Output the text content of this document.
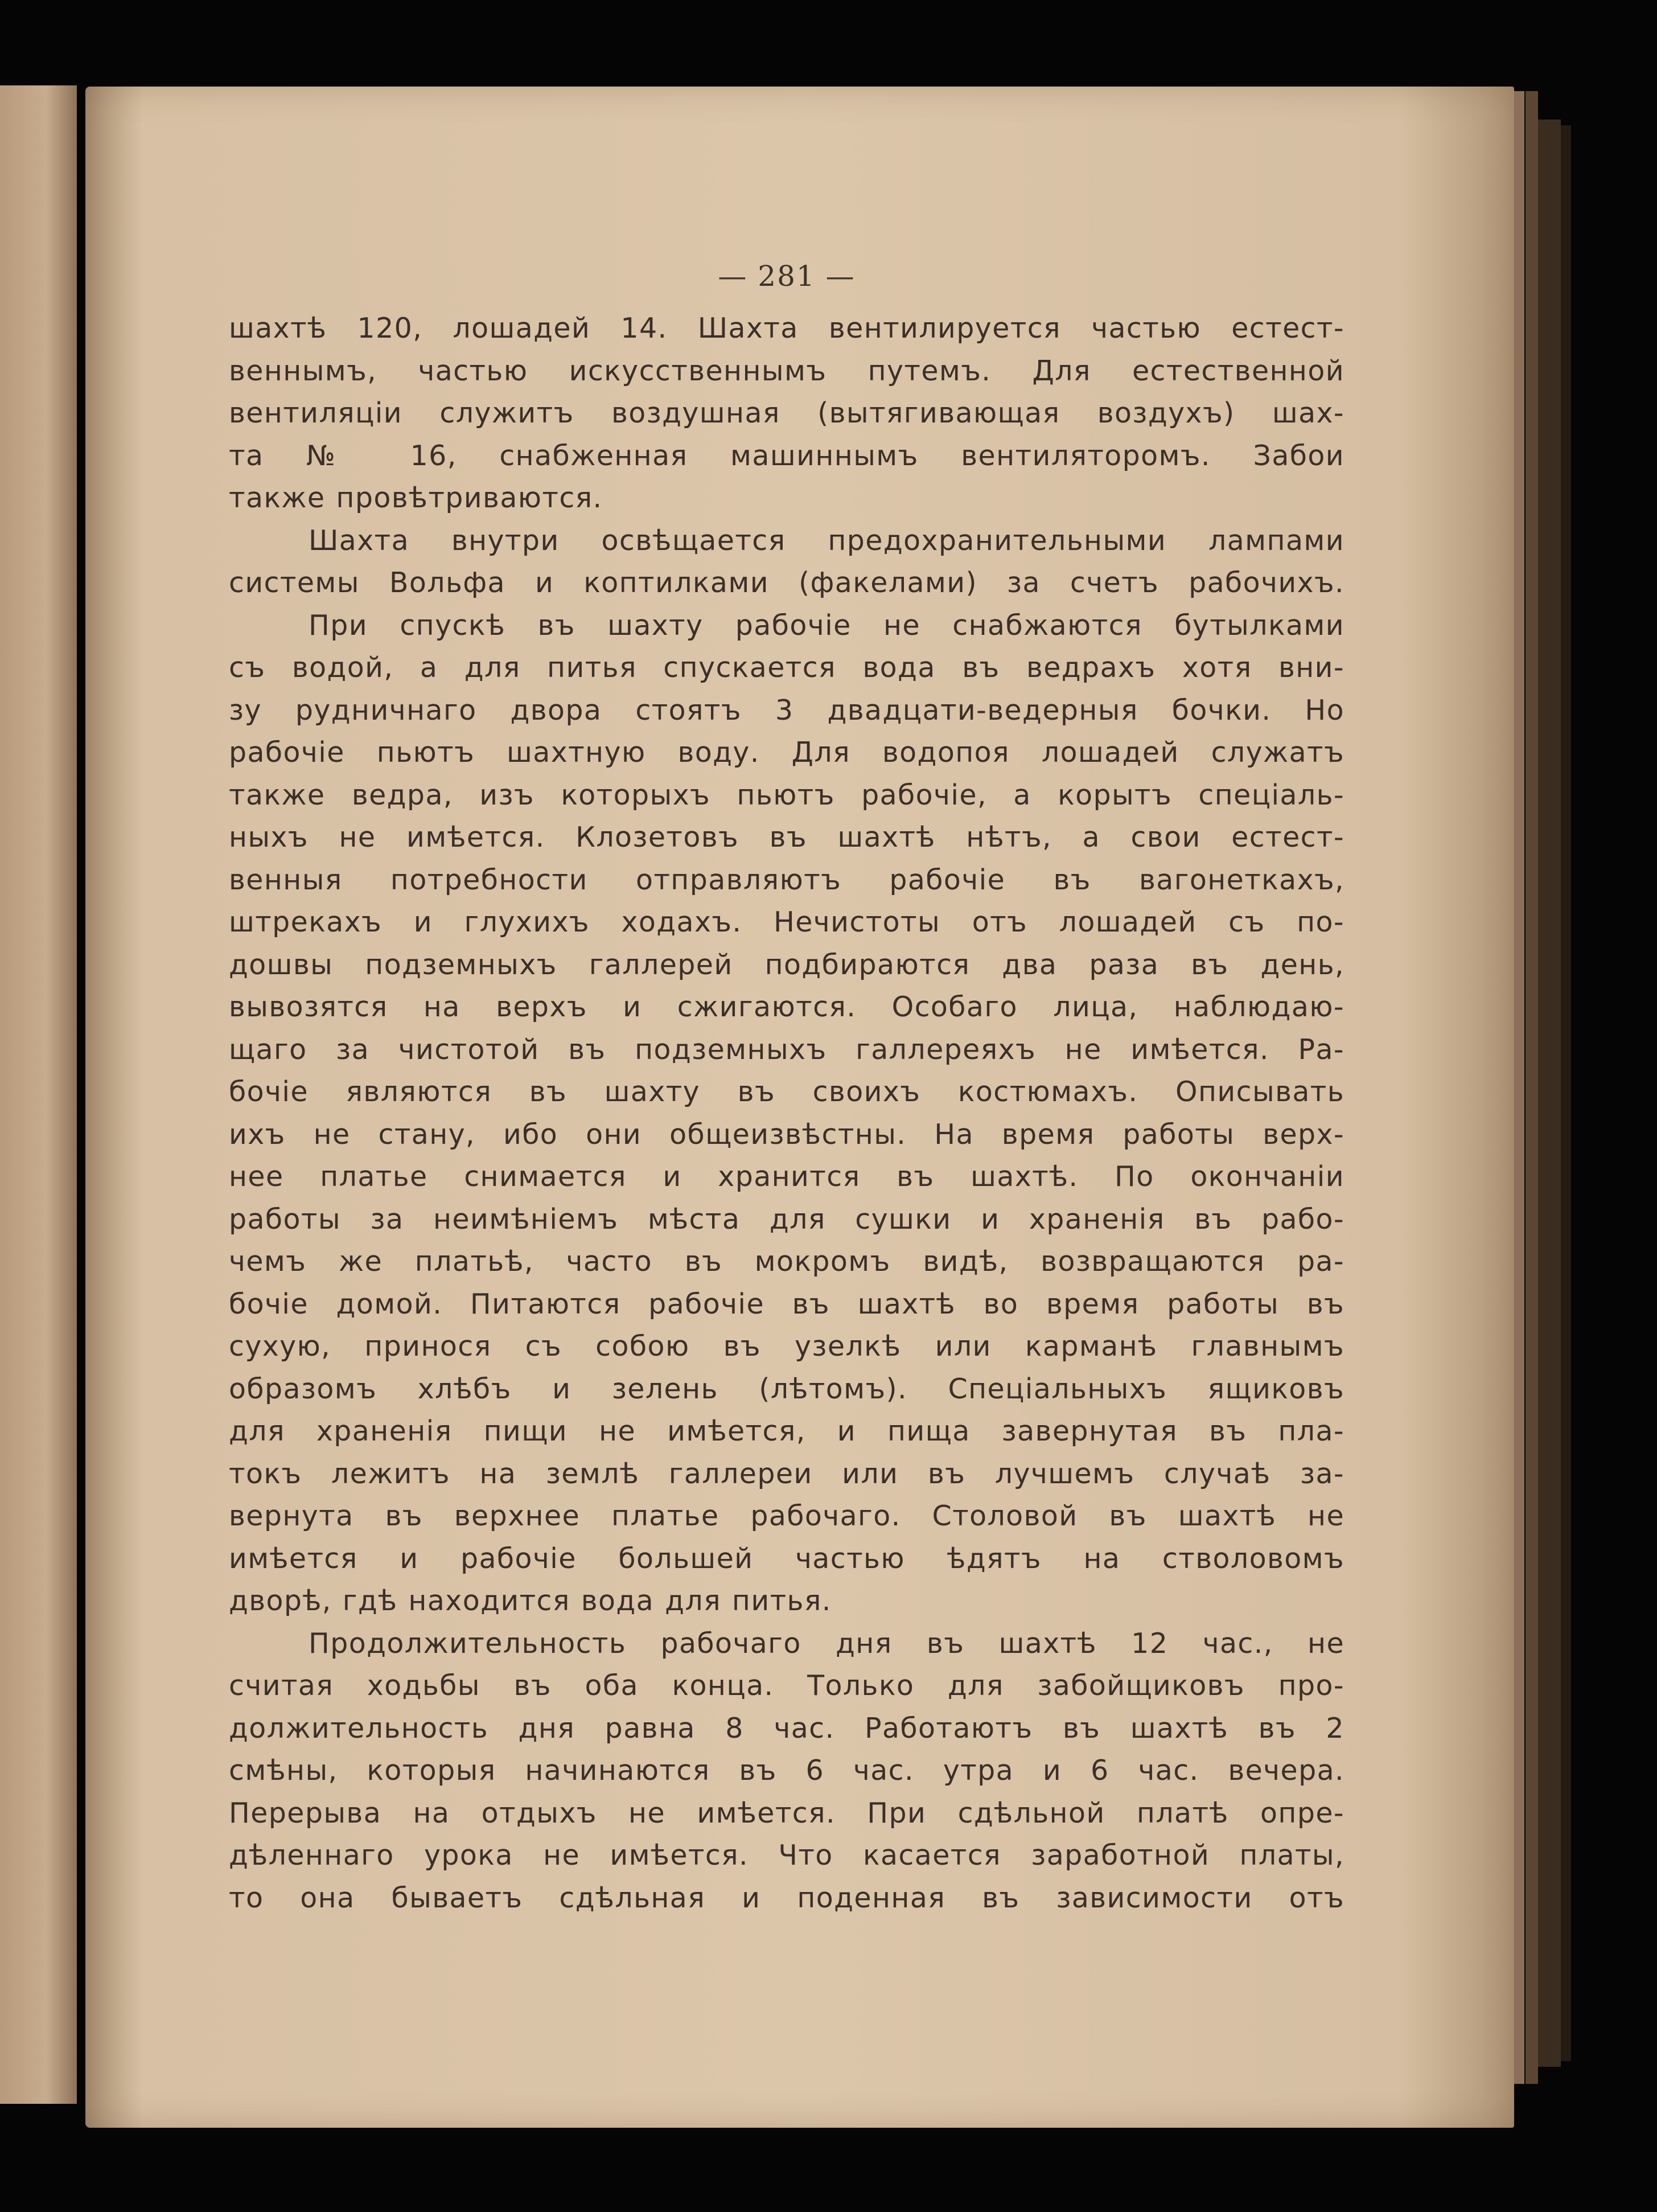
— 281 —
шахтѣ 120, лошадей 14. Шахта вентилируется частью естест-
веннымъ, частью искусственнымъ путемъ. Для естественной
вентиляціи служитъ воздушная (вытягивающая воздухъ) шах-
та № 16, снабженная машиннымъ вентиляторомъ. Забои
также провѣтриваются.
Шахта внутри освѣщается предохранительными лампами
системы Вольфа и коптилками (факелами) за счетъ рабочихъ.
При спускѣ въ шахту рабочіе не снабжаются бутылками
съ водой, а для питья спускается вода въ ведрахъ хотя вни-
зу рудничнаго двора стоятъ 3 двадцати-ведерныя бочки. Но
рабочіе пьютъ шахтную воду. Для водопоя лошадей служатъ
также ведра, изъ которыхъ пьютъ рабочіе, а корытъ спеціаль-
ныхъ не имѣется. Клозетовъ въ шахтѣ нѣтъ, а свои естест-
венныя потребности отправляютъ рабочіе въ вагонеткахъ,
штрекахъ и глухихъ ходахъ. Нечистоты отъ лошадей съ по-
дошвы подземныхъ галлерей подбираются два раза въ день,
вывозятся на верхъ и сжигаются. Особаго лица, наблюдаю-
щаго за чистотой въ подземныхъ галлереяхъ не имѣется. Ра-
бочіе являются въ шахту въ своихъ костюмахъ. Описывать
ихъ не стану, ибо они общеизвѣстны. На время работы верх-
нее платье снимается и хранится въ шахтѣ. По окончаніи
работы за неимѣніемъ мѣста для сушки и храненія въ рабо-
чемъ же платьѣ, часто въ мокромъ видѣ, возвращаются ра-
бочіе домой. Питаются рабочіе въ шахтѣ во время работы въ
сухую, принося съ собою въ узелкѣ или карманѣ главнымъ
образомъ хлѣбъ и зелень (лѣтомъ). Спеціальныхъ ящиковъ
для храненія пищи не имѣется, и пища завернутая въ пла-
токъ лежитъ на землѣ галлереи или въ лучшемъ случаѣ за-
вернута въ верхнее платье рабочаго. Столовой въ шахтѣ не
имѣется и рабочіе большей частью ѣдятъ на стволовомъ
дворѣ, гдѣ находится вода для питья.
Продолжительность рабочаго дня въ шахтѣ 12 час., не
считая ходьбы въ оба конца. Только для забойщиковъ про-
должительность дня равна 8 час. Работаютъ въ шахтѣ въ 2
смѣны, которыя начинаются въ 6 час. утра и 6 час. вечера.
Перерыва на отдыхъ не имѣется. При сдѣльной платѣ опре-
дѣленнаго урока не имѣется. Что касается заработной платы,
то она бываетъ сдѣльная и поденная въ зависимости отъ
